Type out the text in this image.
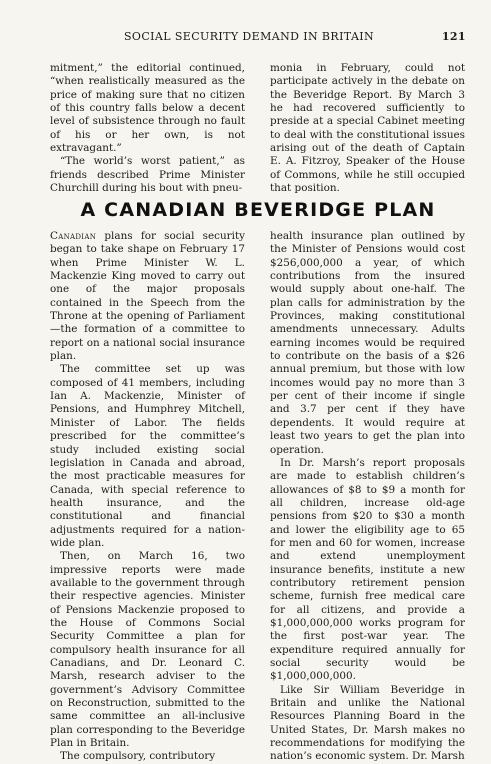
SOCIAL SECURITY DEMAND IN BRITAIN	121

mitment,” the editorial continued, “when realistically measured as the price of making sure that no citizen of this country falls below a decent level of subsistence through no fault of his or her own, is not extravagant.”

“The world’s worst patient,” as friends described Prime Minister Churchill during his bout with pneu-

monia in February, could not participate actively in the debate on the Beveridge Report. By March 3 he had recovered sufficiently to preside at a special Cabinet meeting to deal with the constitutional issues arising out of the death of Captain E. A. Fitzroy, Speaker of the House of Commons, while he still occupied that position.

A CANADIAN BEVERIDGE PLAN

Canadian plans for social security began to take shape on February 17 when Prime Minister W. L. Mackenzie King moved to carry out one of the major proposals contained in the Speech from the Throne at the opening of Parliament—the formation of a committee to report on a national social insurance plan.

The committee set up was composed of 41 members, including Ian A. Mackenzie, Minister of Pensions, and Humphrey Mitchell, Minister of Labor. The fields prescribed for the committee’s study included existing social legislation in Canada and abroad, the most practicable measures for Canada, with special reference to health insurance, and the constitutional and financial adjustments required for a nation-wide plan.

Then, on March 16, two impressive reports were made available to the government through their respective agencies. Minister of Pensions Mackenzie proposed to the House of Commons Social Security Committee a plan for compulsory health insurance for all Canadians, and Dr. Leonard C. Marsh, research adviser to the government’s Advisory Committee on Reconstruction, submitted to the same committee an all-inclusive plan corresponding to the Beveridge Plan in Britain.

The compulsory, contributory

health insurance plan outlined by the Minister of Pensions would cost $256,000,000 a year, of which contributions from the insured would supply about one-half. The plan calls for administration by the Provinces, making constitutional amendments unnecessary. Adults earning incomes would be required to contribute on the basis of a $26 annual premium, but those with low incomes would pay no more than 3 per cent of their income if single and 3.7 per cent if they have dependents. It would require at least two years to get the plan into operation.

In Dr. Marsh’s report proposals are made to establish children’s allowances of $8 to $9 a month for all children, increase old-age pensions from $20 to $30 a month and lower the eligibility age to 65 for men and 60 for women, increase and extend unemployment insurance benefits, institute a new contributory retirement pension scheme, furnish free medical care for all citizens, and provide a $1,000,000,000 works program for the first post-war year. The expenditure required annually for social security would be $1,000,000,000.

Like Sir William Beveridge in Britain and unlike the National Resources Planning Board in the United States, Dr. Marsh makes no recommendations for modifying the nation’s economic system. Dr. Marsh
